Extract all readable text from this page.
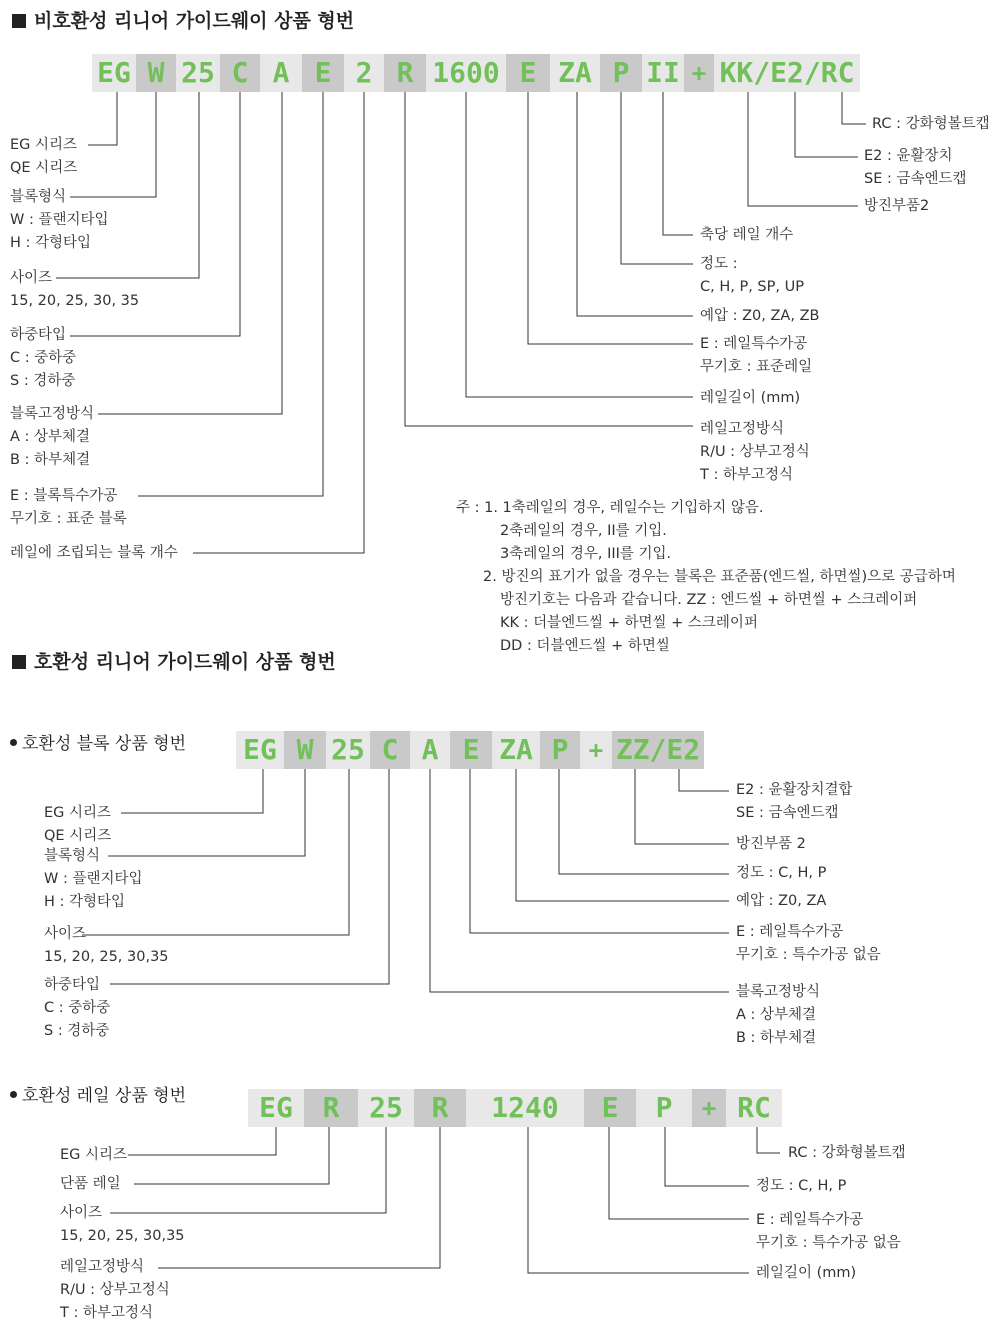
비호환성 리니어 가이드웨이 상품 형번
EG W 25 C A E 2 R 1600 E ZA P II + KK/E2/RC
EG 시리즈
QE 시리즈
블록형식
W : 플랜지타입
H : 각형타입
사이즈
15, 20, 25, 30, 35
하중타입
C : 중하중
S : 경하중
블록고정방식
A : 상부체결
B : 하부체결
E : 블록특수가공
무기호 : 표준 블록
레일에 조립되는 블록 개수
RC : 강화형볼트캡
E2 : 윤활장치
SE : 금속엔드캡
방진부품2
축당 레일 개수
정도 :
C, H, P, SP, UP
예압 : Z0, ZA, ZB
E : 레일특수가공
무기호 : 표준레일
레일길이 (mm)
레일고정방식
R/U : 상부고정식
T : 하부고정식
주 : 1. 1축레일의 경우, 레일수는 기입하지 않음.
2축레일의 경우, II를 기입.
3축레일의 경우, III를 기입.
2. 방진의 표기가 없을 경우는 블록은 표준품(엔드씰, 하면씰)으로 공급하며
방진기호는 다음과 같습니다. ZZ : 엔드씰 + 하면씰 + 스크레이퍼
KK : 더블엔드씰 + 하면씰 + 스크레이퍼
DD : 더블엔드씰 + 하면씰
호환성 리니어 가이드웨이 상품 형번
호환성 블록 상품 형번 EG W 25 C A E ZA P + ZZ/E2
EG 시리즈
QE 시리즈
블록형식
W : 플랜지타입
H : 각형타입
사이즈
15, 20, 25, 30,35
하중타입
C : 중하중
S : 경하중
E2 : 윤활장치결합
SE : 금속엔드캡
방진부품 2
정도 : C, H, P
예압 : Z0, ZA
E : 레일특수가공
무기호 : 특수가공 없음
블록고정방식
A : 상부체결
B : 하부체결
호환성 레일 상품 형번	EG	R	25	R	1240	E	P	+ RC
EG 시리즈
단품 레일
사이즈
15, 20, 25, 30,35
레일고정방식
R/U : 상부고정식
T : 하부고정식
RC : 강화형볼트캡
정도 : C, H, P
E : 레일특수가공
무기호 : 특수가공 없음
레일길이 (mm)
